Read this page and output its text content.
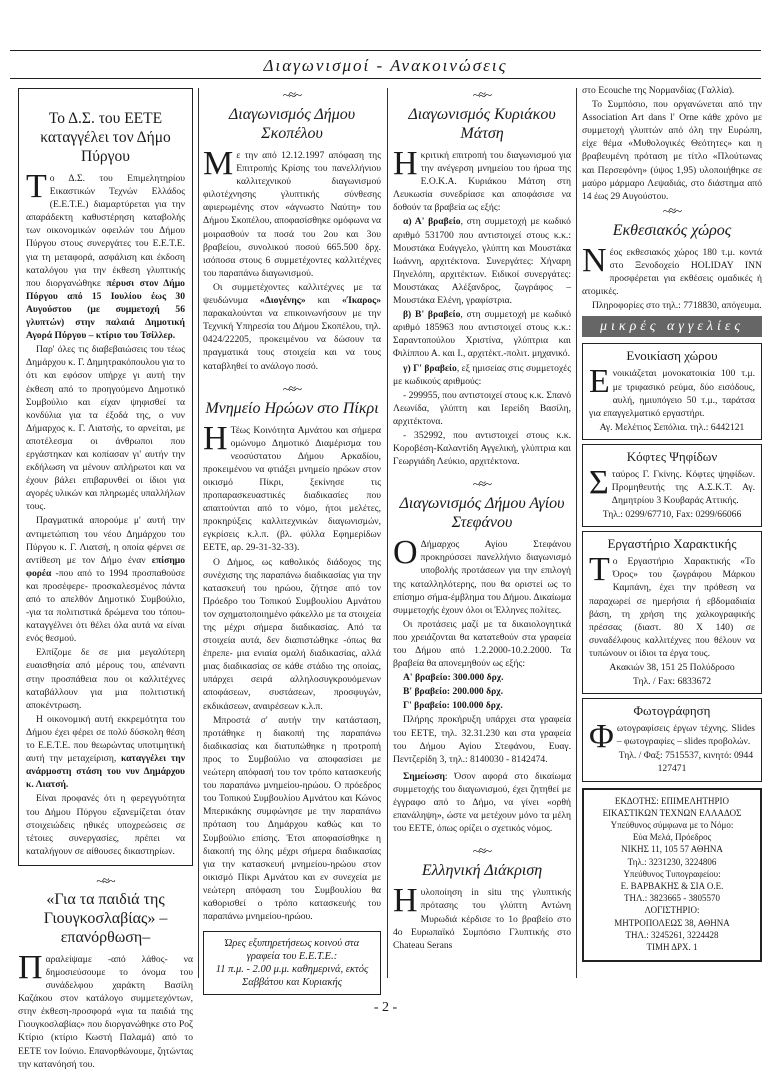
Διαγωνισμοί - Ανακοινώσεις
Το Δ.Σ. του ΕΕΤΕ καταγγέλει τον Δήμο Πύργου

Το Δ.Σ. του Επιμελητηρίου Εικαστικών Τεχνών Ελλάδος (Ε.Ε.Τ.Ε.) διαμαρτύρεται για την απαράδεκτη καθυστέρηση καταβολής των οικονομικών οφειλών του Δήμου Πύργου στους συνεργάτες του Ε.Ε.Τ.Ε. για τη μεταφορά, ασφάλιση και έκδοση καταλόγου για την έκθεση γλυπτικής που διοργανώθηκε πέρυσι στον Δήμο Πύργου από 15 Ιουλίου έως 30 Αυγούστου (με συμμετοχή 56 γλυπτών) στην παλαιά Δημοτική Αγορά Πύργου – κτίριο του Τσίλλερ.

Παρ' όλες τις διαβεβαιώσεις του τέως Δημάρχου κ. Γ. Δημητρακόπουλου για το ότι και εφόσον υπήρχε γι αυτή την έκθεση από το προηγούμενο Δημοτικό Συμβούλιο και είχαν ψηφισθεί τα κονδύλια για τα έξοδά της, ο νυν Δήμαρχος κ. Γ. Λιατσής, το αρνείται, με αποτέλεσμα οι άνθρωποι που εργάστηκαν και κοπίασαν γι' αυτήν την εκδήλωση να μένουν απλήρωτοι και να έχουν βάλει επιβαρυνθεί οι ίδιοι για αγορές υλικών και πληρωμές υπαλλήλων τους.

Πραγματικά απορούμε μ' αυτή την αντιμετώπιση του νέου Δημάρχου του Πύργου κ. Γ. Λιατσή, η οποία φέρνει σε αντίθεση με τον Δήμο έναν επίσημο φορέα -που από το 1994 προσπαθούσε και προσέφερε- προσκαλεσμένος πάντα από το απελθόν Δημοτικό Συμβούλιο, -για τα πολιτιστικά δρώμενα του τόπου- καταγγέλνει ότι θέλει όλα αυτά να είναι ενός θεσμού.

Ελπίζομε δε σε μια μεγαλύτερη ευαισθησία από μέρους του, απέναντι στην προσπάθεια που οι καλλιτέχνες καταβάλλουν για μια πολιτιστική αποκέντρωση.

Η οικονομική αυτή εκκρεμότητα του Δήμου έχει φέρει σε πολύ δύσκολη θέση το Ε.Ε.Τ.Ε. που θεωρώντας υποτιμητική αυτή την μεταχείριση, καταγγέλει την ανάρμοστη στάση του νυν Δημάρχου κ. Λιατσή.

Είναι προφανές ότι η φερεγγυότητα του Δήμου Πύργου εξανεμίζεται όταν στοιχειώδεις ηθικές υποχρεώσεις σε τέτοιες συνεργασίες, πρέπει να καταλήγουν σε αίθουσες δικαστηρίων.

~≈~
«Για τα παιδιά της Γιουγκοσλαβίας» –επανόρθωση–

Παραλείψαμε -από λάθος- να δημοσιεύσουμε το όνομα του συνάδελφου χαράκτη Βασίλη Καζάκου στον κατάλογο συμμετεχόντων, στην έκθεση-προσφορά «για τα παιδιά της Γιουγκοσλαβίας» που διοργανώθηκε στο Ροζ Κτίριο (κτίριο Κωστή Παλαμά) από το ΕΕΤΕ τον Ιούνιο. Επανορθώνουμε, ζητώντας την κατανόησή του.

~≈~
Διαγωνισμός Δήμου Σκοπέλου

Με την από 12.12.1997 απόφαση της Επιτροπής Κρίσης του πανελλήνιου καλλιτεχνικού διαγωνισμού φιλοτέχνησης γλυπτικής σύνθεσης αφιερωμένης στον «άγνωστο Ναύτη» του Δήμου Σκοπέλου, αποφασίσθηκε ομόφωνα να μοιρασθούν τα ποσά του 2ου και 3ου βραβείου, συνολικού ποσού 665.500 δρχ. ισόποσα στους 6 συμμετέχοντες καλλιτέχνες του παραπάνω διαγωνισμού.

Οι συμμετέχοντες καλλιτέχνες με τα ψευδώνυμα «Διογένης» και «Ίκαρος» παρακαλούνται να επικοινωνήσουν με την Τεχνική Υπηρεσία του Δήμου Σκοπέλου, τηλ. 0424/22205, προκειμένου να δώσουν τα πραγματικά τους στοιχεία και να τους καταβληθεί το ανάλογο ποσό.

~≈~
Μνημείο Ηρώων στο Πίκρι

Η Τέως Κοινότητα Αμνάτου και σήμερα ομώνυμο Δημοτικό Διαμέρισμα του νεοσύστατου Δήμου Αρκαδίου, προκειμένου να φτιάξει μνημείο ηρώων στον οικισμό Πίκρι, ξεκίνησε τις προπαρασκευαστικές διαδικασίες που απαιτούνται από το νόμο, ήτοι μελέτες, προκηρύξεις καλλιτεχνικών διαγωνισμών, εγκρίσεις κ.λ.π. (βλ. φύλλα Εφημερίδων ΕΕΤΕ, αρ. 29-31-32-33).

Ο Δήμος, ως καθολικός διάδοχος της συνέχισης της παραπάνω διαδικασίας για την κατασκευή του ηρώου, ζήτησε από τον Πρόεδρο του Τοπικού Συμβουλίου Αμνάτου τον σχηματοποιημένο φάκελλο με τα στοιχεία της μέχρι σήμερα διαδικασίας. Από τα στοιχεία αυτά, δεν διαπιστώθηκε -όπως θα έπρεπε- μια ενιαία ομαλή διαδικασίας, αλλά μιας διαδικασίας σε κάθε στάδιο της οποίας, υπάρχει σειρά αλληλοσυγκρουόμενων αποφάσεων, συστάσεων, προσφυγών, εκδικάσεων, αναιρέσεων κ.λ.π.

Μπροστά σ' αυτήν την κατάσταση, προτάθηκε η διακοπή της παραπάνω διαδικασίας και διατυπώθηκε η προτροπή προς το Συμβούλιο να αποφασίσει με νεώτερη απόφασή του τον τρόπο κατασκευής του παραπάνω μνημείου-ηρώου. Ο πρόεδρος του Τοπικού Συμβουλίου Αμνάτου και Κώνος Μπερικάκης συμφώνησε με την παραπάνω πρόταση του Δημάρχου καθώς και το Συμβούλιο επίσης. Έτσι αποφασίσθηκε η διακοπή της όλης μέχρι σήμερα διαδικασίας για την κατασκευή μνημείου-ηρώου στον οικισμό Πίκρι Αμνάτου και εν συνεχεία με νεώτερη απόφαση του Συμβουλίου θα καθορισθεί ο τρόπο κατασκευής του παραπάνω μνημείου-ηρώου.

Ώρες εξυπηρετήσεως κοινού στα γραφεία του Ε.Ε.Τ.Ε.:
11 π.μ. - 2.00 μ.μ. καθημερινά, εκτός Σαββάτου και Κυριακής
~≈~
Διαγωνισμός Κυριάκου Μάτση

Ηκριτική επιτροπή του διαγωνισμού για την ανέγερση μνημείου του ήρωα της Ε.Ο.Κ.Α. Κυριάκου Μάτση στη Λευκωσία συνεδρίασε και αποφάσισε να δοθούν τα βραβεία ως εξής:

α) Α' βραβείο, στη συμμετοχή με κωδικό αριθμό 531700 που αντιστοιχεί στους κ.κ.: Μουστάκα Ευάγγελο, γλύπτη και Μουστάκα Ιωάννη, αρχιτέκτονα. Συνεργάτες: Χήναρη Πηνελόπη, αρχιτέκτων. Ειδικοί συνεργάτες: Μουστάκας Αλέξανδρος, ζωγράφος – Μουστάκα Ελένη, γραφίστρια.

β) Β' βραβείο, στη συμμετοχή με κωδικό αριθμό 185963 που αντιστοιχεί στους κ.κ.: Σαραντοπούλου Χριστίνα, γλύπτρια και Φιλίππου Α. και Ι., αρχιτέκτ.-πολιτ. μηχανικό.

γ) Γ' βραβείο, εξ ημισείας στις συμμετοχές με κωδικούς αριθμούς:

- 299955, που αντιστοιχεί στους κ.κ. Σπανό Λεωνίδα, γλύπτη και Ιερείδη Βασίλη, αρχιτέκτονα.

- 352992, που αντιστοιχεί στους κ.κ. Κοροβέση-Καλαντίδη Αγγελική, γλύπτρια και Γεωργιάδη Λεύκιο, αρχιτέκτονα.

~≈~
Διαγωνισμός Δήμου Αγίου Στεφάνου

Ο Δήμαρχος Αγίου Στεφάνου προκηρύσσει πανελλήνιο διαγωνισμό υποβολής προτάσεων για την επιλογή της καταλληλότερης, που θα οριστεί ως το επίσημο σήμα-έμβλημα του Δήμου. Δικαίωμα συμμετοχής έχουν όλοι οι Έλληνες πολίτες.

Οι προτάσεις μαζί με τα δικαιολογητικά που χρειάζονται θα κατατεθούν στα γραφεία του Δήμου από 1.2.2000-10.2.2000. Τα βραβεία θα απονεμηθούν ως εξής:

Α' βραβείο: 300.000 δρχ.

Β' βραβείο: 200.000 δρχ.

Γ' βραβείο: 100.000 δρχ.

Πλήρης προκήρυξη υπάρχει στα γραφεία του ΕΕΤΕ, τηλ. 32.31.230 και στα γραφεία του Δήμου Αγίου Στεφάνου, Ευαγ. Πεντζερίδη 3, τηλ.: 8140030 - 8142474.

Σημείωση: Όσον αφορά στο δικαίωμα συμμετοχής του διαγωνισμού, έχει ζητηθεί με έγγραφο από το Δήμο, να γίνει «ορθή επανάληψη», ώστε να μετέχουν μόνο τα μέλη του ΕΕΤΕ, όπως ορίζει ο σχετικός νόμος.

~≈~
Ελληνική Διάκριση

Ηυλοποίηση in situ της γλυπτικής πρότασης του γλύπτη Αντώνη Μυρωδιά κέρδισε το 1ο βραβείο στο 4ο Ευρωπαϊκό Συμπόσιο Γλυπτικής στο Chateau Serans

στο Ecouche της Νορμανδίας (Γαλλία).

Το Συμπόσιο, που οργανώνεται από την Association Art dans l' Orne κάθε χρόνο με συμμετοχή γλυπτών από όλη την Ευρώπη, είχε θέμα «Μυθολογικές Θεότητες» και η βραβευμένη πρόταση με τίτλο «Πλούτωνας και Περσεφόνη» (ύψος 1,95) υλοποιήθηκε σε μαύρο μάρμαρο Λεψαδιάς, στο διάστημα από 14 έως 29 Αυγούστου.

~≈~
Εκθεσιακός χώρος

Νέος εκθεσιακός χώρος 180 τ.μ. κοντά στο Ξενοδοχείο HOLIDAY INN προσφέρεται για εκθέσεις ομαδικές ή ατομικές.

Πληροφορίες στο τηλ.: 7718830, απόγευμα.

μικρές αγγελίες
Ενοικίαση χώρου

Ενοικιάζεται μονοκατοικία 100 τ.μ. με τριφασικό ρεύμα, δύο εισόδους, αυλή, ημιυπόγειο 50 τ.μ., ταράτσα για επαγγελματικό εργαστήρι.

Αγ. Μελέτιος Σεπόλια. τηλ.: 6442121

Κόφτες Ψηφίδων

Σταύρος Γ. Γκίνης. Κόφτες ψηφίδων. Προμηθευτής της Α.Σ.Κ.Τ. Αγ. Δημητρίου 3 Κουβαράς Αττικής.

Τηλ.: 0299/67710, Fax: 0299/66066

Εργαστήριο Χαρακτικής

Το Εργαστήριο Χαρακτικής «Το Όρος» του ζωγράφου Μάρκου Καμπάνη, έχει την πρόθεση να παραχωρεί σε ημερήσια ή εβδομαδιαία βάση, τη χρήση της χαλκογραφικής πρέσσας (διαστ. 80 Χ 140) σε συναδέλφους καλλιτέχνες που θέλουν να τυπώνουν οι ίδιοι τα έργα τους.

Ακακιών 38, 151 25 Πολύδροσο

Τηλ. / Fax: 6833672

Φωτογράφηση

Φωτογραφίσεις έργων τέχνης. Slides – φωτογραφίες – slides προβολών.

Τηλ. / Φαξ: 7515537, κινητό: 0944 127471

ΕΚΔΟΤΗΣ: ΕΠΙΜΕΛΗΤΗΡΙΟ

ΕΙΚΑΣΤΙΚΩΝ ΤΕΧΝΩΝ ΕΛΛΑΔΟΣ

Υπεύθυνος σύμφωνα με το Νόμο:

Εύα Μελά, Πρόεδρος

ΝΙΚΗΣ 11, 105 57 ΑΘΗΝΑ

Τηλ.: 3231230, 3224806

Υπεύθυνος Τυπογραφείου:

Ε. ΒΑΡΒΑΚΗΣ & ΣΙΑ Ο.Ε.

ΤΗΛ.: 3823665 - 3805570

ΛΟΓΙΣΤΗΡΙΟ:

ΜΗΤΡΟΠΟΛΕΩΣ 38, ΑΘΗΝΑ

ΤΗΛ.: 3245261, 3224428

ΤΙΜΗ ΔΡΧ. 1

- 2 -
